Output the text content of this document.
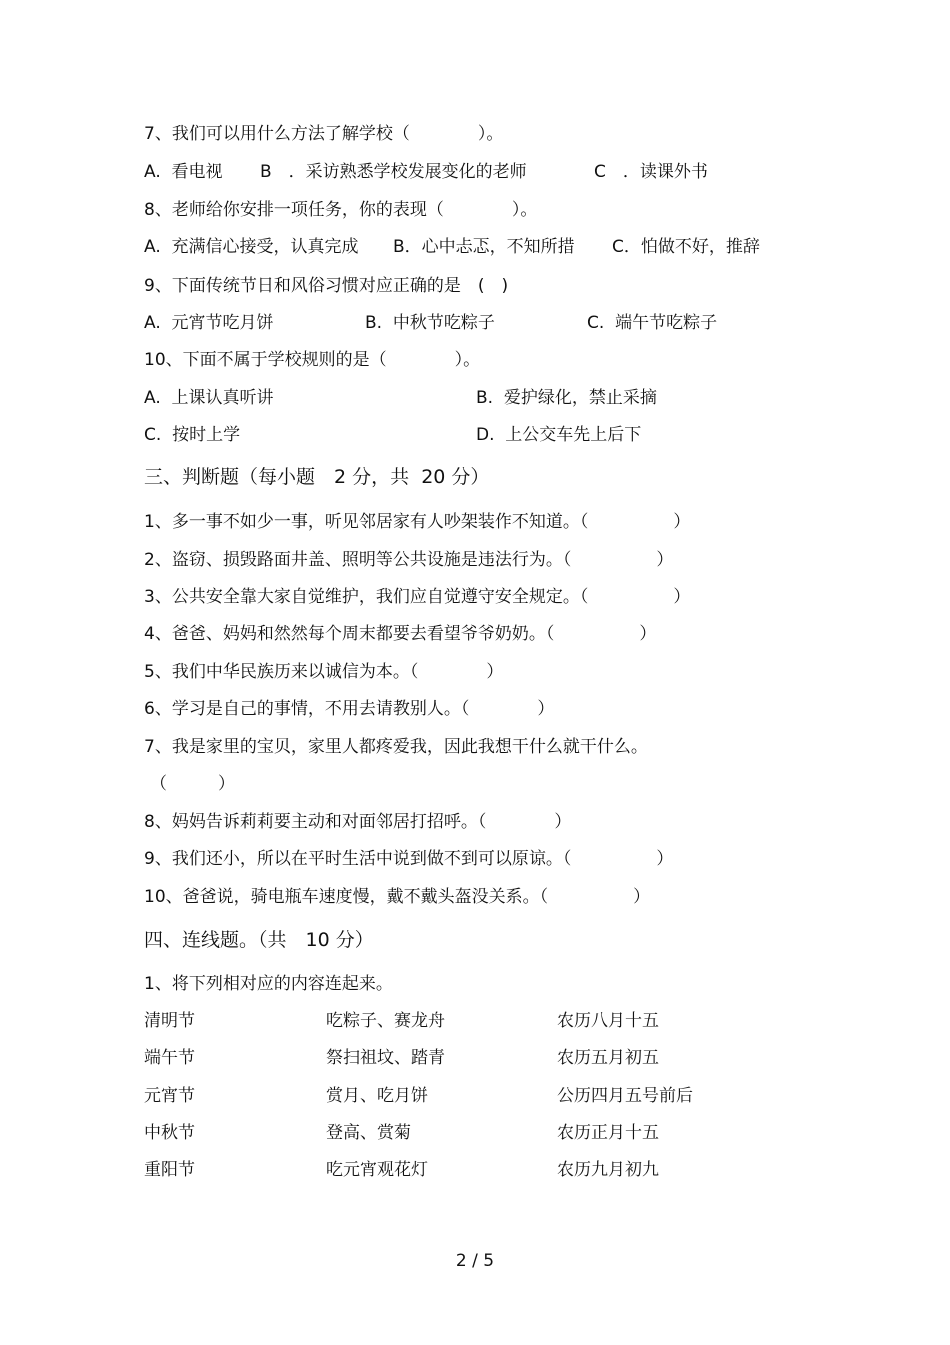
7、我们可以用什么方法了解学校（　　　　）。
A.  看电视 B　．采访熟悉学校发展变化的老师	C　．读课外书
8、老师给你安排一项任务，你的表现（　　　　）。
A.  充满信心接受，认真完成 B．心中忐忑，不知所措 C．怕做不好，推辞
9、下面传统节日和风俗习惯对应正确的是　(　)
A.  元宵节吃月饼	B.  中秋节吃粽子	C.  端午节吃粽子
10、下面不属于学校规则的是（　　　　）。
A.  上课认真听讲	B.  爱护绿化，禁止采摘
C.  按时上学	D.  上公交车先上后下
三、判断题（每小题　2 分，共  20 分）
1、多一事不如少一事，听见邻居家有人吵架装作不知道。（　　　　　）
2、盗窃、损毁路面井盖、照明等公共设施是违法行为。（　　　　　）
3、公共安全靠大家自觉维护，我们应自觉遵守安全规定。（　　　　　）
4、爸爸、妈妈和然然每个周末都要去看望爷爷奶奶。（　　　　　）
5、我们中华民族历来以诚信为本。（　　　　）
6、学习是自己的事情，不用去请教别人。（　　　　）
7、我是家里的宝贝，家里人都疼爱我，因此我想干什么就干什么。
（　　　）
8、妈妈告诉莉莉要主动和对面邻居打招呼。（　　　　）
9、我们还小，所以在平时生活中说到做不到可以原谅。（　　　　　）
10、爸爸说，骑电瓶车速度慢，戴不戴头盔没关系。（　　　　　）
四、连线题。（共　10 分）
1、将下列相对应的内容连起来。
清明节	吃粽子、赛龙舟	农历八月十五
端午节	祭扫祖坟、踏青	农历五月初五
元宵节	赏月、吃月饼	公历四月五号前后
中秋节	登高、赏菊	农历正月十五
重阳节	吃元宵观花灯	农历九月初九
2 / 5
